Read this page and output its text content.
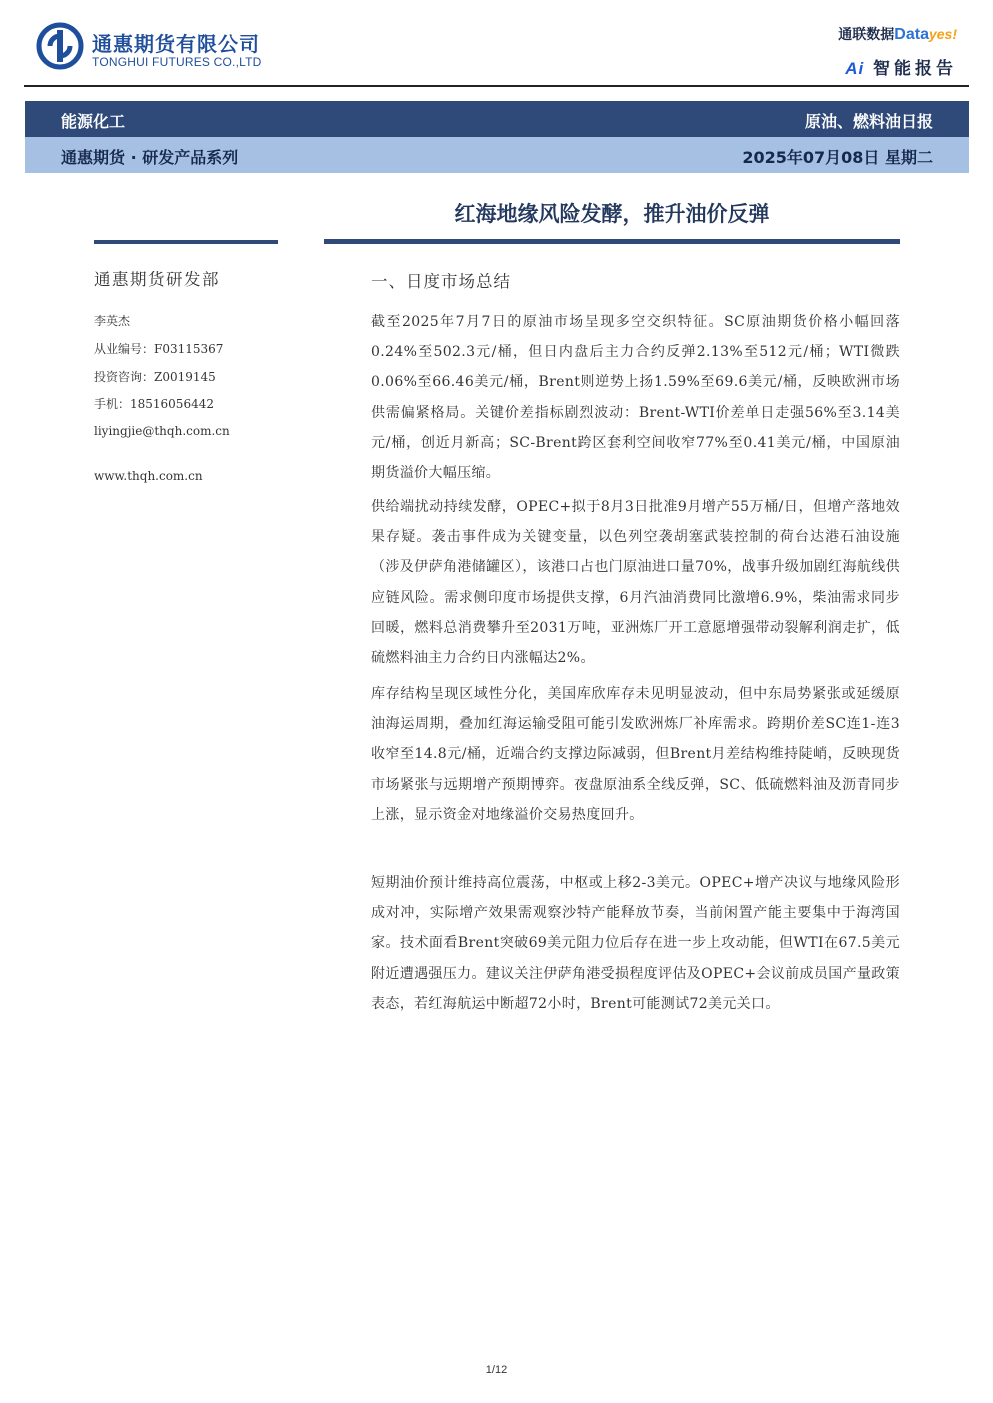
通惠期货有限公司
TONGHUI FUTURES CO.,LTD
通联数据Datayes!
Ai 智能报告
能源化工	原油、燃料油日报
通惠期货 · 研发产品系列	2025年07月08日 星期二
红海地缘风险发酵，推升油价反弹
通惠期货研发部
李英杰
从业编号：F03115367
投资咨询：Z0019145
手机：18516056442
liyingjie@thqh.com.cn
www.thqh.com.cn
一、日度市场总结

截至2025年7月7日的原油市场呈现多空交织特征。SC原油期货价格小幅回落0.24%至502.3元/桶，但日内盘后主力合约反弹2.13%至512元/桶；WTI微跌0.06%至66.46美元/桶，Brent则逆势上扬1.59%至69.6美元/桶，反映欧洲市场供需偏紧格局。关键价差指标剧烈波动：Brent-WTI价差单日走强56%至3.14美元/桶，创近月新高；SC-Brent跨区套利空间收窄77%至0.41美元/桶，中国原油期货溢价大幅压缩。

供给端扰动持续发酵，OPEC+拟于8月3日批准9月增产55万桶/日，但增产落地效果存疑。袭击事件成为关键变量，以色列空袭胡塞武装控制的荷台达港石油设施（涉及伊萨角港储罐区），该港口占也门原油进口量70%，战事升级加剧红海航线供应链风险。需求侧印度市场提供支撑，6月汽油消费同比激增6.9%，柴油需求同步回暖，燃料总消费攀升至2031万吨，亚洲炼厂开工意愿增强带动裂解利润走扩，低硫燃料油主力合约日内涨幅达2%。

库存结构呈现区域性分化，美国库欣库存未见明显波动，但中东局势紧张或延缓原油海运周期，叠加红海运输受阻可能引发欧洲炼厂补库需求。跨期价差SC连1-连3收窄至14.8元/桶，近端合约支撑边际减弱，但Brent月差结构维持陡峭，反映现货市场紧张与远期增产预期博弈。夜盘原油系全线反弹，SC、低硫燃料油及沥青同步上涨，显示资金对地缘溢价交易热度回升。

短期油价预计维持高位震荡，中枢或上移2-3美元。OPEC+增产决议与地缘风险形成对冲，实际增产效果需观察沙特产能释放节奏，当前闲置产能主要集中于海湾国家。技术面看Brent突破69美元阻力位后存在进一步上攻动能，但WTI在67.5美元附近遭遇强压力。建议关注伊萨角港受损程度评估及OPEC+会议前成员国产量政策表态，若红海航运中断超72小时，Brent可能测试72美元关口。

1/12
